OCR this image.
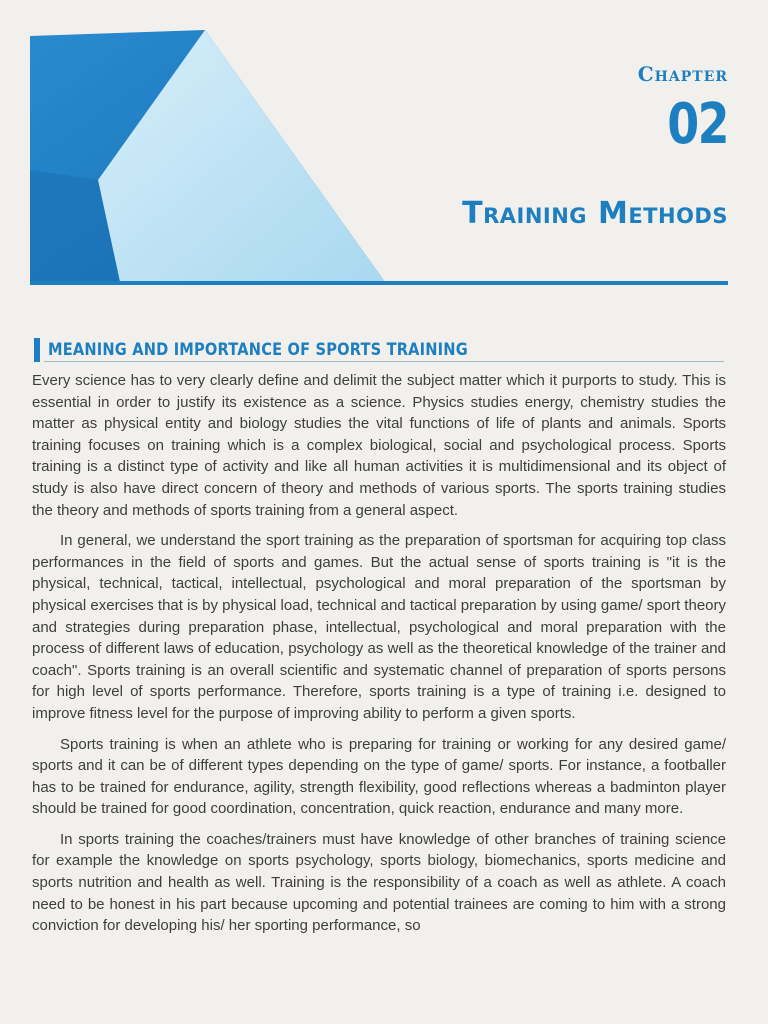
Chapter
02
Training Methods
MEANING AND IMPORTANCE OF SPORTS TRAINING

Every science has to very clearly define and delimit the subject matter which it purports to study. This is essential in order to justify its existence as a science. Physics studies energy, chemistry studies the matter as physical entity and biology studies the vital functions of life of plants and animals. Sports training focuses on training which is a complex biological, social and psychological process. Sports training is a distinct type of activity and like all human activities it is multidimensional and its object of study is also have direct concern of theory and methods of various sports. The sports training studies the theory and methods of sports training from a general aspect.

In general, we understand the sport training as the preparation of sportsman for acquiring top class performances in the field of sports and games. But the actual sense of sports training is "it is the physical, technical, tactical, intellectual, psychological and moral preparation of the sportsman by physical exercises that is by physical load, technical and tactical preparation by using game/ sport theory and strategies during preparation phase, intellectual, psychological and moral preparation with the process of different laws of education, psychology as well as the theoretical knowledge of the trainer and coach". Sports training is an overall scientific and systematic channel of preparation of sports persons for high level of sports performance. Therefore, sports training is a type of training i.e. designed to improve fitness level for the purpose of improving ability to perform a given sports.

Sports training is when an athlete who is preparing for training or working for any desired game/ sports and it can be of different types depending on the type of game/ sports. For instance, a footballer has to be trained for endurance, agility, strength flexibility, good reflections whereas a badminton player should be trained for good coordination, concentration, quick reaction, endurance and many more.

In sports training the coaches/trainers must have knowledge of other branches of training science for example the knowledge on sports psychology, sports biology, biomechanics, sports medicine and sports nutrition and health as well. Training is the responsibility of a coach as well as athlete. A coach need to be honest in his part because upcoming and potential trainees are coming to him with a strong conviction for developing his/ her sporting performance, so
